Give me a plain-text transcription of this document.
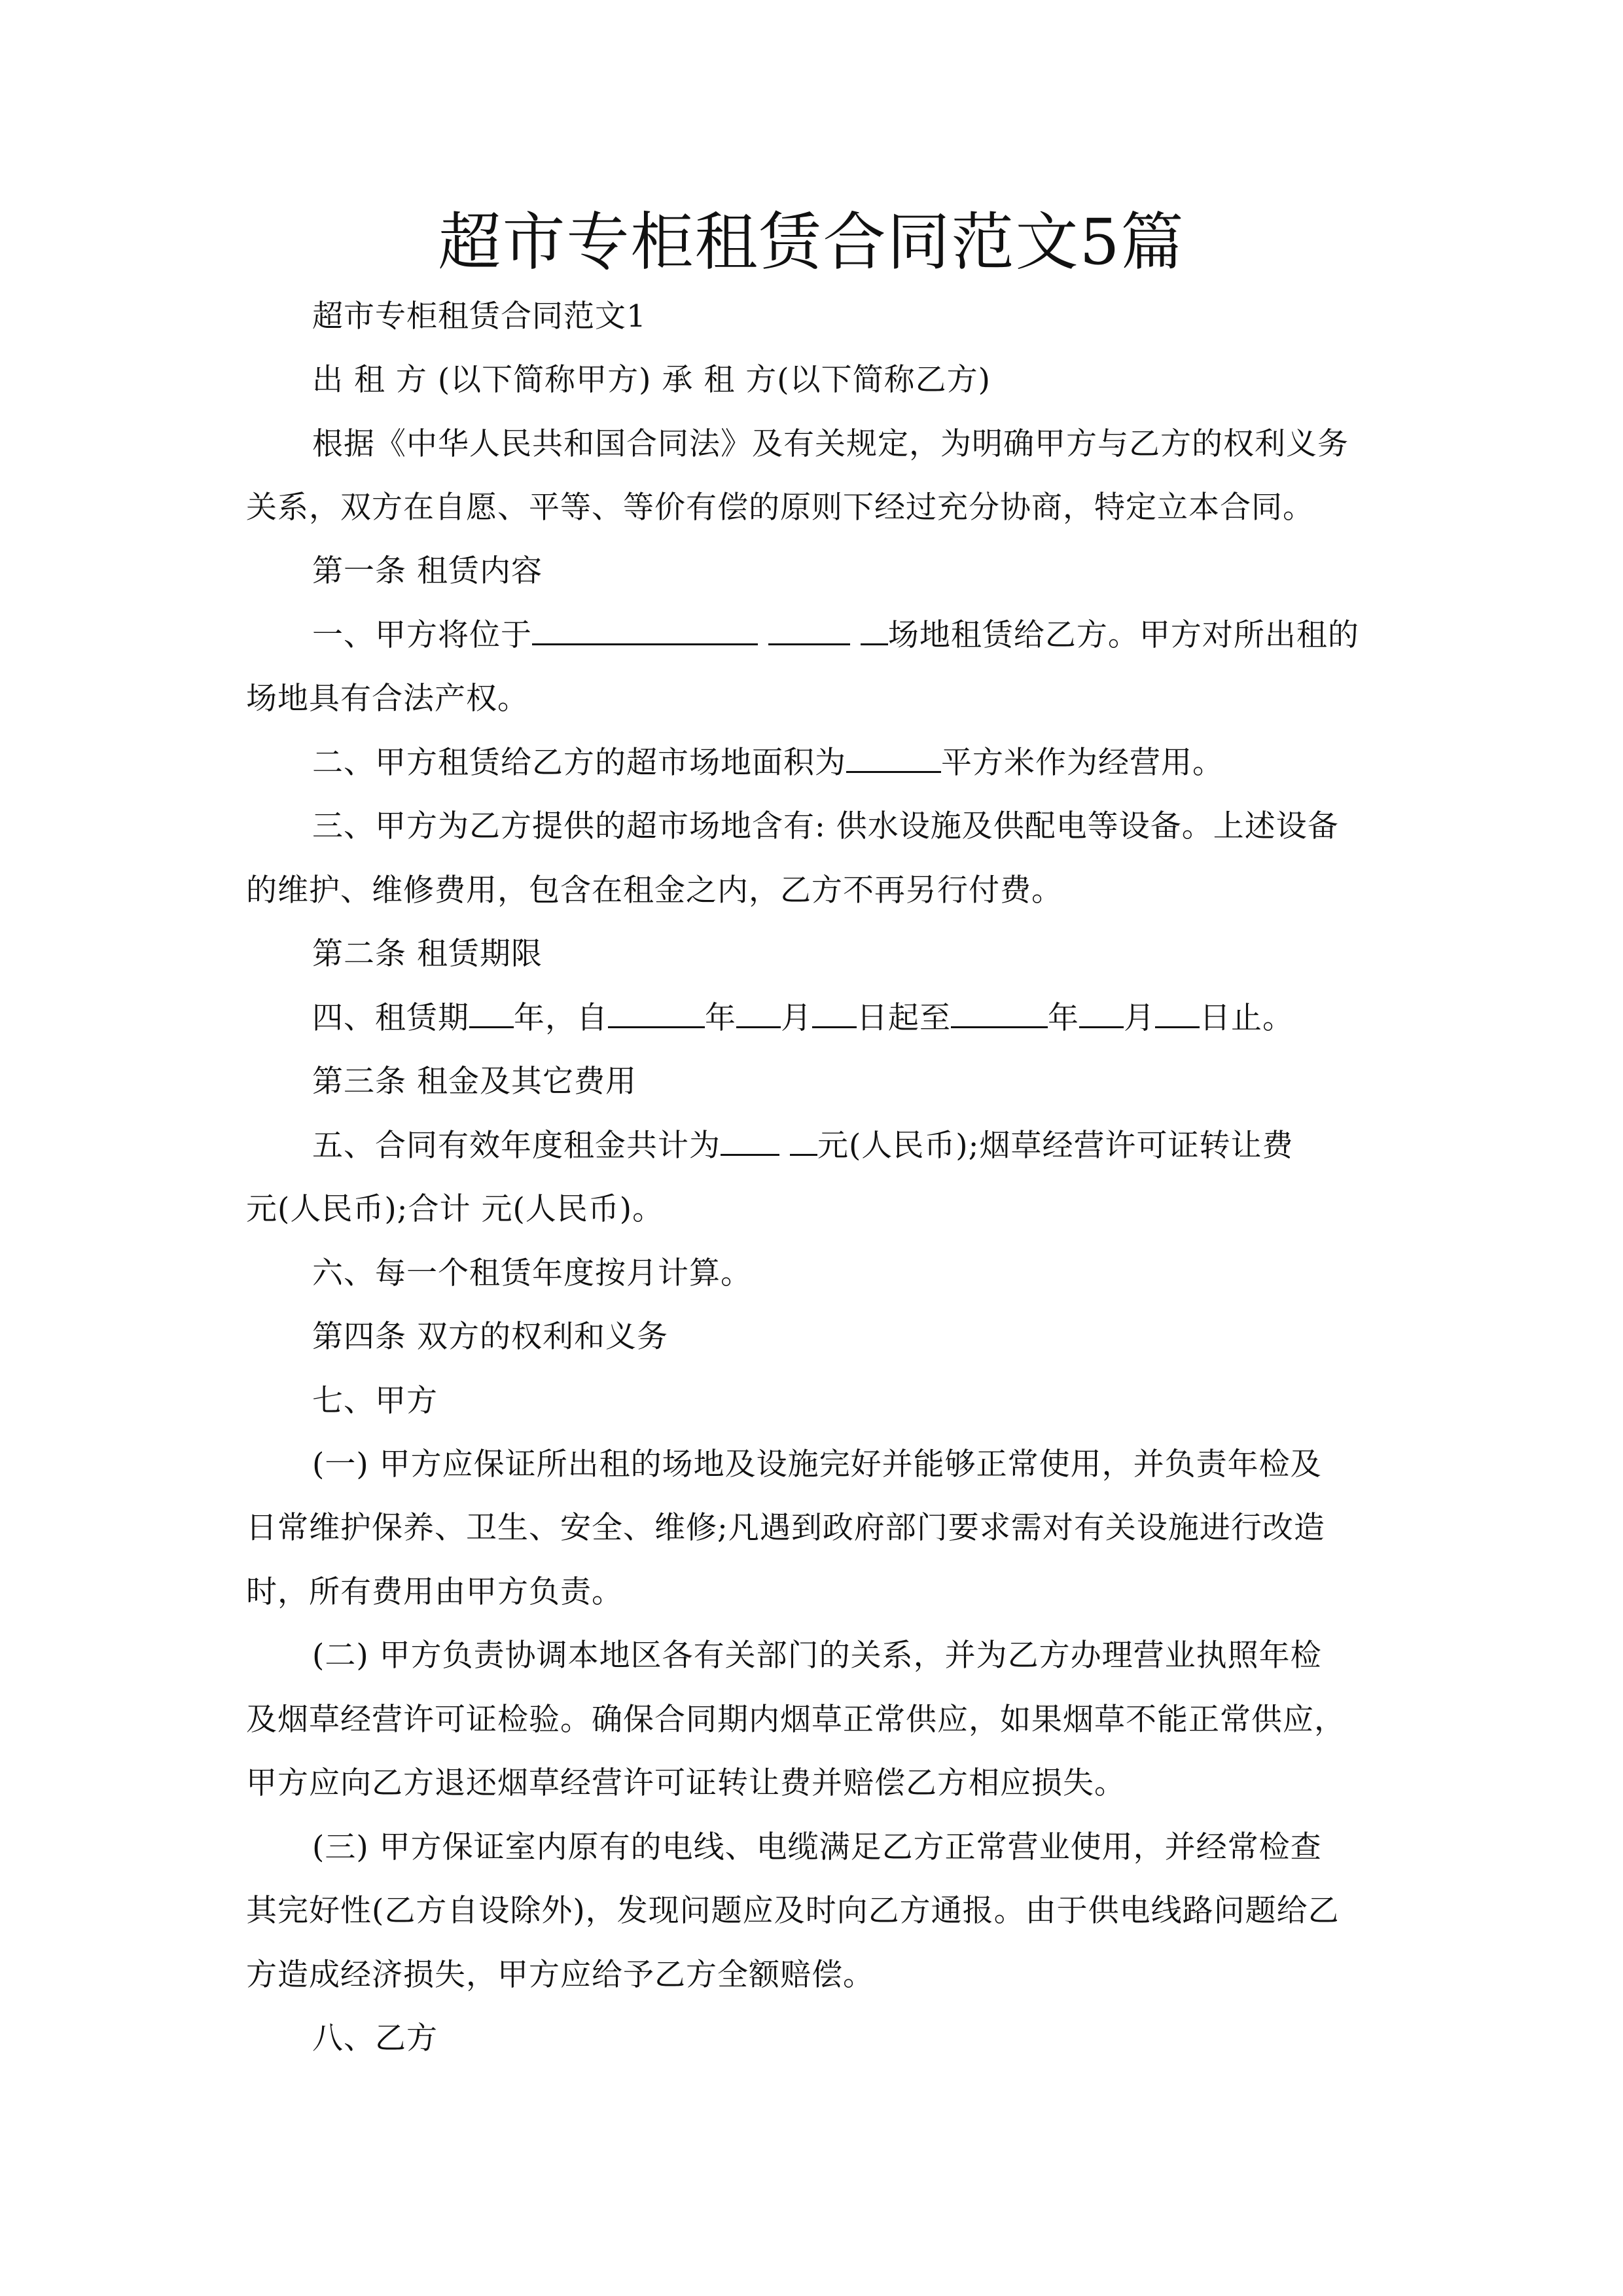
超市专柜租赁合同范文5篇
超市专柜租赁合同范文1
出 租 方 (以下简称甲方) 承 租 方(以下简称乙方)
根据《中华人民共和国合同法》及有关规定，为明确甲方与乙方的权利义务
关系，双方在自愿、平等、等价有偿的原则下经过充分协商，特定立本合同。
第一条 租赁内容
一、甲方将位于	场地租赁给乙方。甲方对所出租的
场地具有合法产权。
二、甲方租赁给乙方的超市场地面积为	平方米作为经营用。
三、甲方为乙方提供的超市场地含有: 供水设施及供配电等设备。上述设备
的维护、维修费用，包含在租金之内，乙方不再另行付费。
第二条 租赁期限
四、租赁期 年，自	年 月 日起至	年 月 日止。
第三条 租金及其它费用
五、合同有效年度租金共计为	元(人民币);烟草经营许可证转让费
元(人民币);合计 元(人民币)。
六、每一个租赁年度按月计算。
第四条 双方的权利和义务
七、甲方
(一) 甲方应保证所出租的场地及设施完好并能够正常使用，并负责年检及
日常维护保养、卫生、安全、维修;凡遇到政府部门要求需对有关设施进行改造
时，所有费用由甲方负责。
(二) 甲方负责协调本地区各有关部门的关系，并为乙方办理营业执照年检
及烟草经营许可证检验。确保合同期内烟草正常供应，如果烟草不能正常供应，
甲方应向乙方退还烟草经营许可证转让费并赔偿乙方相应损失。
(三) 甲方保证室内原有的电线、电缆满足乙方正常营业使用，并经常检查
其完好性(乙方自设除外)，发现问题应及时向乙方通报。由于供电线路问题给乙
方造成经济损失，甲方应给予乙方全额赔偿。
八、乙方
